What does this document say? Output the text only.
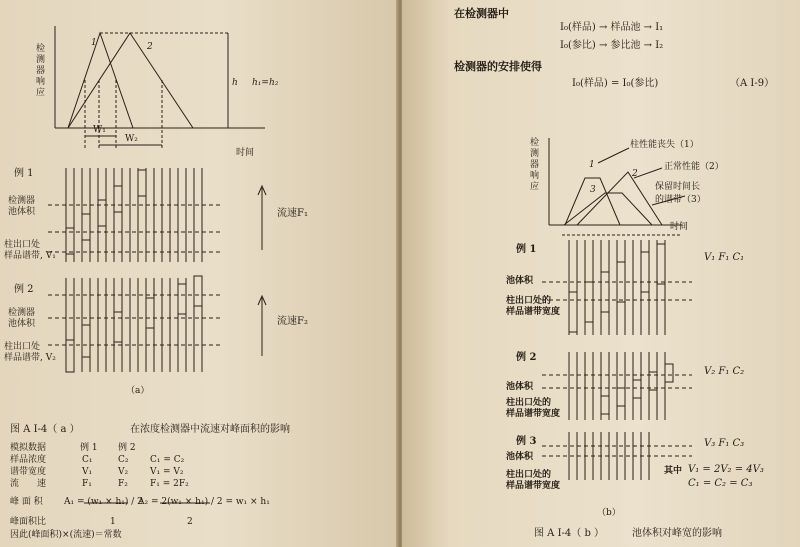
检测器响应
时间
1	2
h h₁=h₂
W₁
W₂
例 1
检测器
池体积
柱出口处
样品谱带, V₁
流速F₁
例 2
检测器
池体积
柱出口处
样品谱带, V₂
流速F₂
（a）
图 A I-4（ a ）	在浓度检测器中流速对峰面积的影响
模拟数据	例 1 例 2
样品浓度	C₁	C₂ C₁ = C₂
谱带宽度	V₁	V₂ V₁ = V₂
流　　速	F₁	F₂ F₁ = 2F₂
峰 面 积 A₁ = (w₁ × h₁) / 2
A₂ = 2(w₁ × h₁) / 2 = w₁ × h₁
峰面积比	1	2
因此(峰面积)×(流速)＝常数
在检测器中
I₀(样品) → 样品池 → I₁
I₀(参比) → 参比池 → I₂
检测器的安排使得
I₀(样品) = I₀(参比)	（A I-9）
检测器响应
时间
1
2
3
柱性能丧失（1）
正常性能（2）
保留时间长
的谱带（3）
例 1
V₁ F₁ C₁
池体积
柱出口处的
样品谱带宽度
例 2
V₂ F₁ C₂
池体积
柱出口处的
样品谱带宽度
例 3	V₃ F₁ C₃
池体积
柱出口处的
样品谱带宽度
其中 V₁ = 2V₂ = 4V₃
C₁ = C₂ = C₃
（b）
图 A I-4（ b ）	池体积对峰宽的影响
